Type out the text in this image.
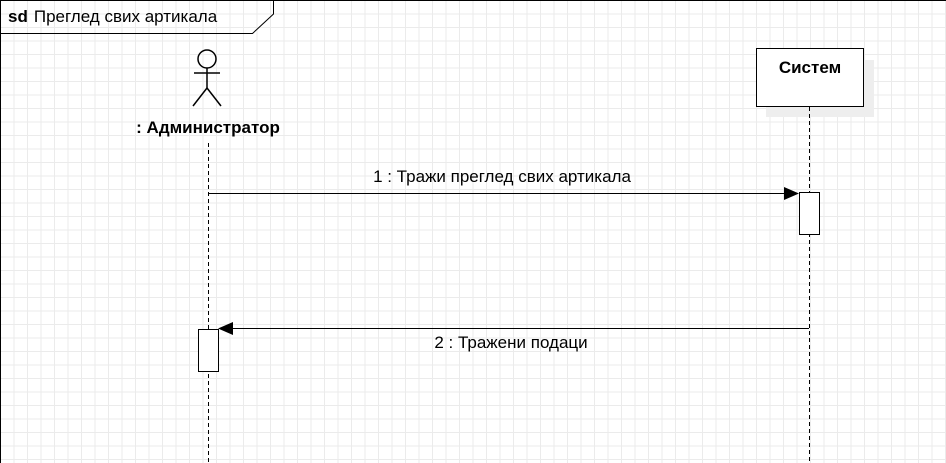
sd Преглед свих артикала
: Администратор
Систем
1 : Тражи преглед свих артикала
2 : Тражени подаци
